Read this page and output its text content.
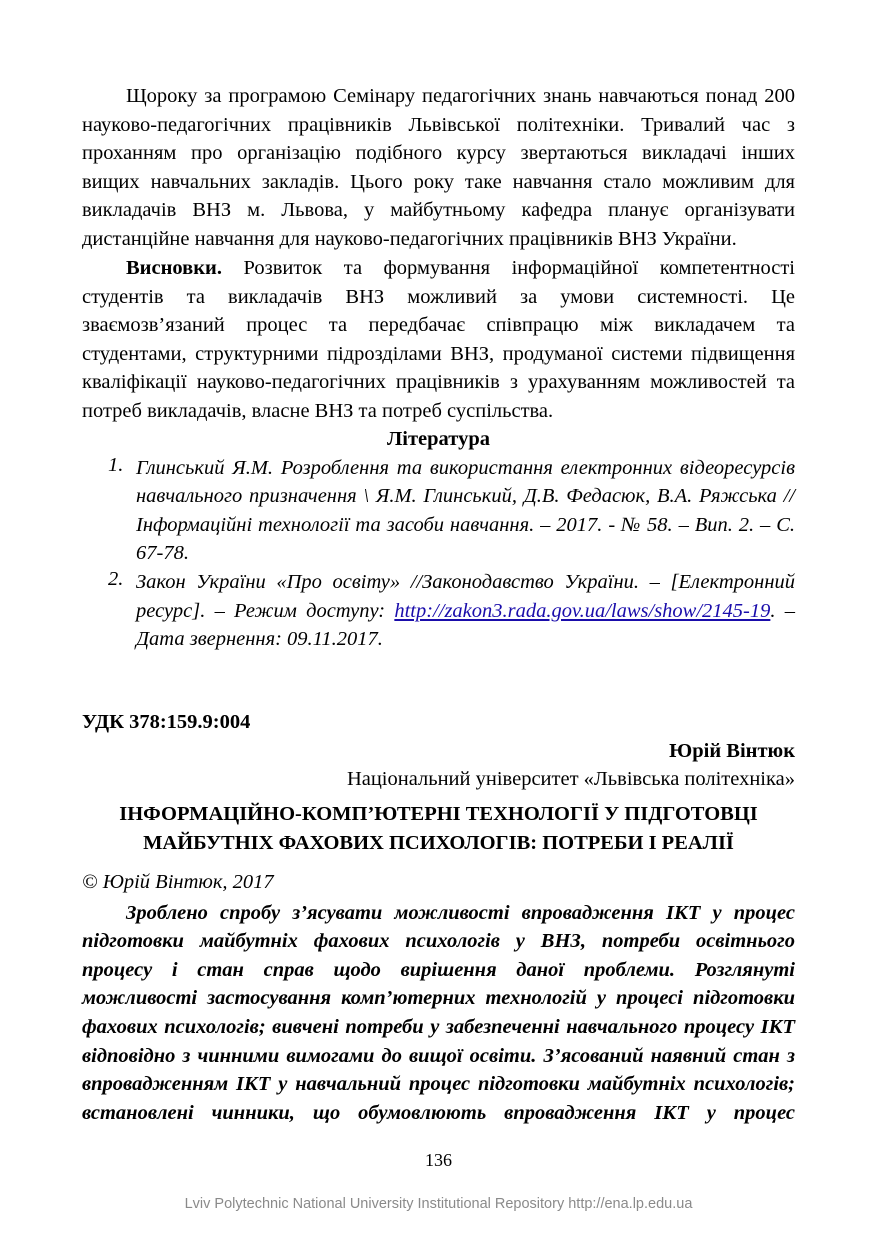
Щороку за програмою Семінару педагогічних знань навчаються понад 200
науково-педагогічних працівників Львівської політехніки. Тривалий час з
проханням про організацію подібного курсу звертаються викладачі інших
вищих навчальних закладів. Цього року таке навчання стало можливим для
викладачів ВНЗ м. Львова, у майбутньому кафедра планує організувати
дистанційне навчання для науково-педагогічних працівників ВНЗ України.
Висновки. Розвиток та формування інформаційної компетентності
студентів та викладачів ВНЗ можливий за умови системності. Це
зваємозв’язаний процес та передбачає співпрацю між викладачем та
студентами, структурними підрозділами ВНЗ, продуманої системи підвищення
кваліфікації науково-педагогічних працівників з урахуванням можливостей та
потреб викладачів, власне ВНЗ та потреб суспільства.
Література
1. Глинський Я.М. Розроблення та використання електронних відеоресурсів
навчального призначення \ Я.М. Глинський, Д.В. Федасюк, В.А. Ряжська //
Інформаційні технології та засоби навчання. – 2017. - № 58. – Вип. 2. – С.
67-78.
2. Закон України «Про освіту» //Законодавство України. – [Електронний
ресурс]. – Режим доступу: http://zakon3.rada.gov.ua/laws/show/2145-19. –
Дата звернення: 09.11.2017.
УДК 378:159.9:004
Юрій Вінтюк
Національний університет «Львівська політехніка»
ІНФОРМАЦІЙНО-КОМП’ЮТЕРНІ ТЕХНОЛОГІЇ У ПІДГОТОВЦІ
МАЙБУТНІХ ФАХОВИХ ПСИХОЛОГІВ: ПОТРЕБИ І РЕАЛІЇ
© Юрій Вінтюк, 2017
Зроблено спробу з’ясувати можливості впровадження ІКТ у процес
підготовки майбутніх фахових психологів у ВНЗ, потреби освітнього
процесу і стан справ щодо вирішення даної проблеми. Розглянуті
можливості застосування комп’ютерних технологій у процесі підготовки
фахових психологів; вивчені потреби у забезпеченні навчального процесу ІКТ
відповідно з чинними вимогами до вищої освіти. З’ясований наявний стан з
впровадженням ІКТ у навчальний процес підготовки майбутніх психологів;
встановлені чинники, що обумовлюють впровадження ІКТ у процес
136
Lviv Polytechnic National University Institutional Repository http://ena.lp.edu.ua
